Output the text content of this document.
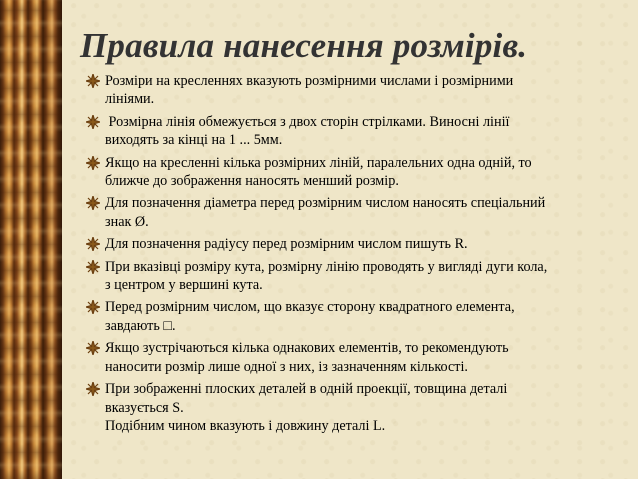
Правила нанесення розмірів.
Розміри на кресленнях вказують розмірними числами і розмірними
лініями.
Розмірна лінія обмежується з двох сторін стрілками. Виносні лінії
виходять за кінці на 1 ... 5мм.
Якщо на кресленні кілька розмірних ліній, паралельних одна одній, то
ближче до зображення наносять менший розмір.
Для позначення діаметра перед розмірним числом наносять спеціальний
знак Ø.
Для позначення радіусу перед розмірним числом пишуть R.
При вказівці розміру кута, розмірну лінію проводять у вигляді дуги кола,
з центром у вершині кута.
Перед розмірним числом, що вказує сторону квадратного елемента,
завдають □.
Якщо зустрічаються кілька однакових елементів, то рекомендують
наносити розмір лише одної з них, із зазначенням кількості.
При зображенні плоских деталей в одній проекції, товщина деталі
вказується S.
Подібним чином вказують і довжину деталі L.
